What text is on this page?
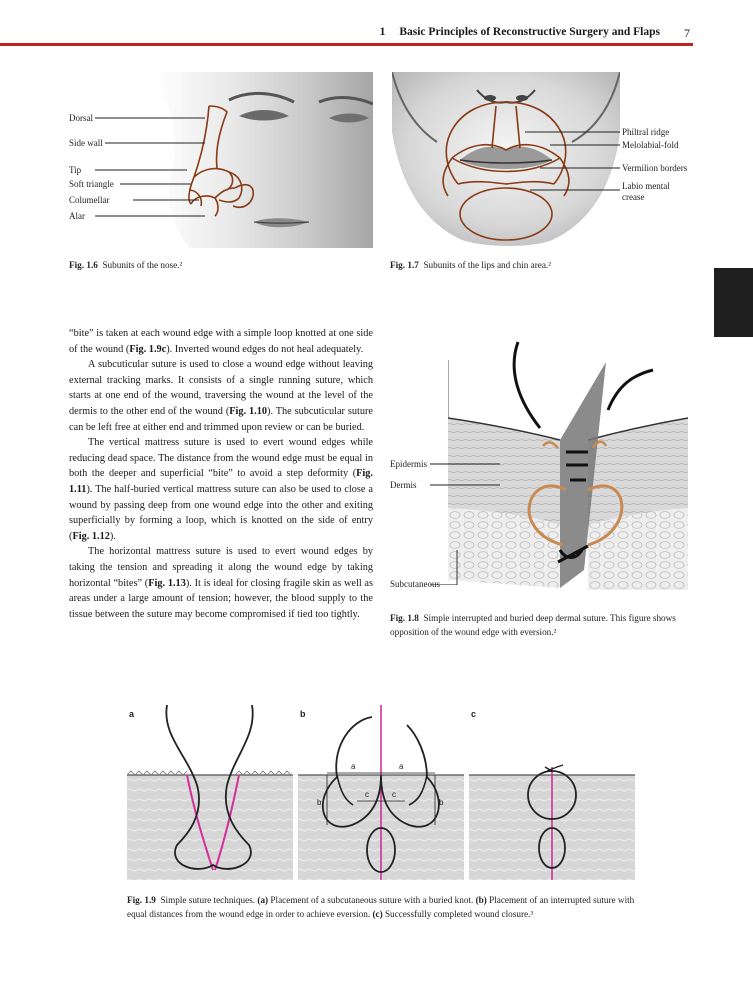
1 Basic Principles of Reconstructive Surgery and Flaps 7
Dorsal
Side wall
Tip
Soft triangle
Columellar
Alar
Fig. 1.6 Subunits of the nose.²
Philtral ridge
Melolabial-fold
Vermilion borders
Labio mental
crease
Fig. 1.7 Subunits of the lips and chin area.²

“bite” is taken at each wound edge with a simple loop knotted at one side of the wound (Fig. 1.9c). Inverted wound edges do not heal adequately.

A subcuticular suture is used to close a wound edge without leaving external tracking marks. It consists of a single running suture, which starts at one end of the wound, traversing the wound at the level of the dermis to the other end of the wound (Fig. 1.10). The subcuticular suture can be left free at either end and trimmed upon review or can be buried.

The vertical mattress suture is used to evert wound edges while reducing dead space. The distance from the wound edge must be equal in both the deeper and superficial “bite” to avoid a step deformity (Fig. 1.11). The half-buried vertical mattress suture can also be used to close a wound by passing deep from one wound edge into the other and exiting superficially by forming a loop, which is knotted on the side of entry (Fig. 1.12).

The horizontal mattress suture is used to evert wound edges by taking the tension and spreading it along the wound edge by taking horizontal “bites” (Fig. 1.13). It is ideal for closing fragile skin as well as areas under a large amount of tension; however, the blood supply to the tissue between the suture may become compromised if tied too tightly.

Epidermis
Dermis
Subcutaneous
Fig. 1.8 Simple interrupted and buried deep dermal suture. This figure shows opposition of the wound edge with eversion.²
a	b
a	a
b	b
c	c
c
Fig. 1.9 Simple suture techniques. (a) Placement of a subcutaneous suture with a buried knot. (b) Placement of an interrupted suture with equal distances from the wound edge in order to achieve eversion. (c) Successfully completed wound closure.³
